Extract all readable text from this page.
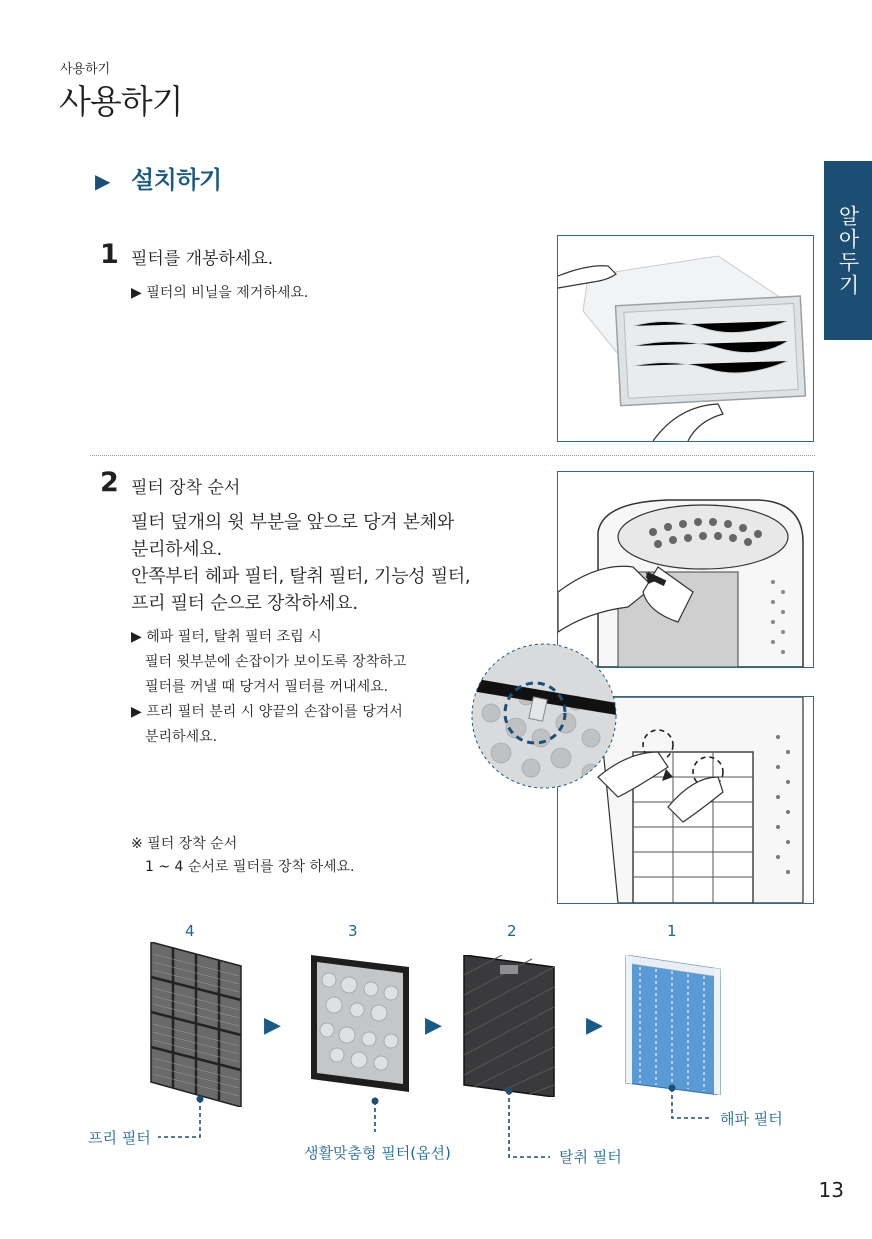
사용하기
사용하기
알아두기
▶ 설치하기
1 필터를 개봉하세요.
▶ 필터의 비닐을 제거하세요.
2 필터 장착 순서
필터 덮개의 윗 부분을 앞으로 당겨 본체와
분리하세요.
안쪽부터 헤파 필터, 탈취 필터, 기능성 필터,
프리 필터 순으로 장착하세요.
▶ 헤파 필터, 탈취 필터 조립 시
필터 윗부분에 손잡이가 보이도록 장착하고
필터를 꺼낼 때 당겨서 필터를 꺼내세요.
▶ 프리 필터 분리 시 양끝의 손잡이를 당겨서
분리하세요.
※ 필터 장착 순서
1 ~ 4 순서로 필터를 장착 하세요.
4	3	2	1
▶	▶	▶
프리 필터
생활맞춤형 필터(옵션)	탈취 필터
해파 필터
13
